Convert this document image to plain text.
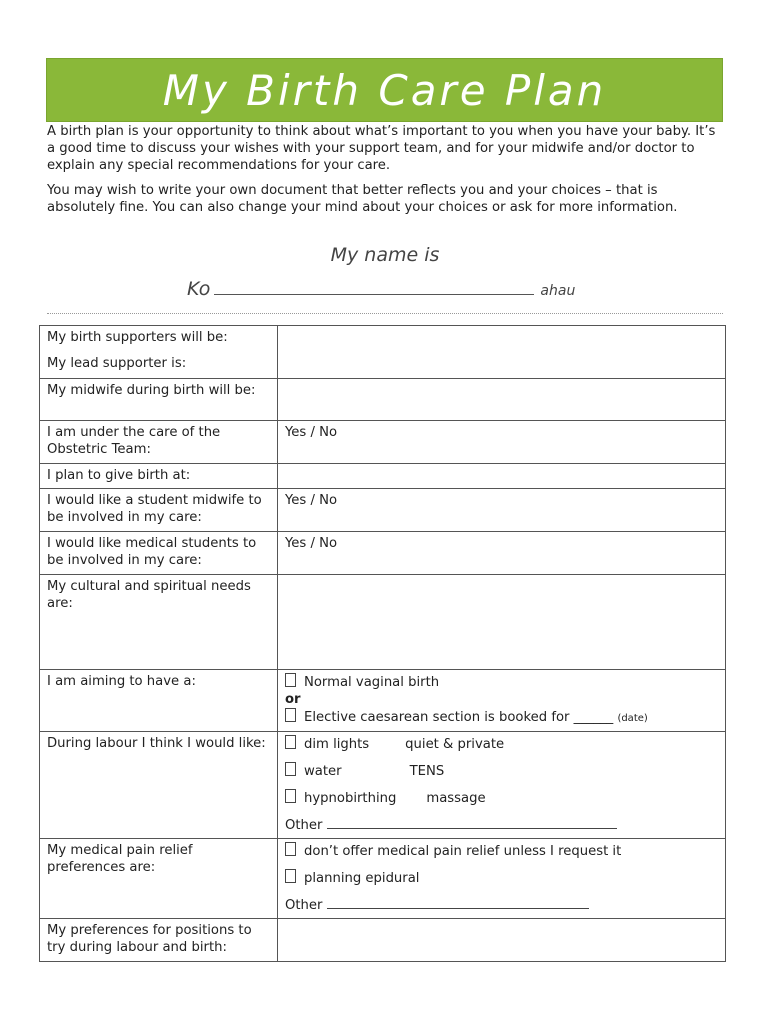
My Birth Care Plan

A birth plan is your opportunity to think about what’s important to you when you have your baby. It’s a good time to discuss your wishes with your support team, and for your midwife and/or doctor to explain any special recommendations for your care.

You may wish to write your own document that better reflects you and your choices – that is absolutely fine. You can also change your mind about your choices or ask for more information.

My name is
Ko	ahau
My birth supporters will be:
My lead supporter is:	

My midwife during birth will be:	
I am under the care of the Obstetric Team:	Yes / No
I plan to give birth at:	
I would like a student midwife to be involved in my care:	Yes / No
I would like medical students to be involved in my care:	Yes / No
My cultural and spiritual needs are:	
I am aiming to have a:	Normal vaginal birth
or
Elective caesarean section is booked for ______ (date)

During labour I think I would like:	dim lights quiet & private
water TENS
hypnobirthing massage
Other

My medical pain relief preferences are:	don’t offer medical pain relief unless I request it
planning epidural
Other

My preferences for positions to try during labour and birth:	
